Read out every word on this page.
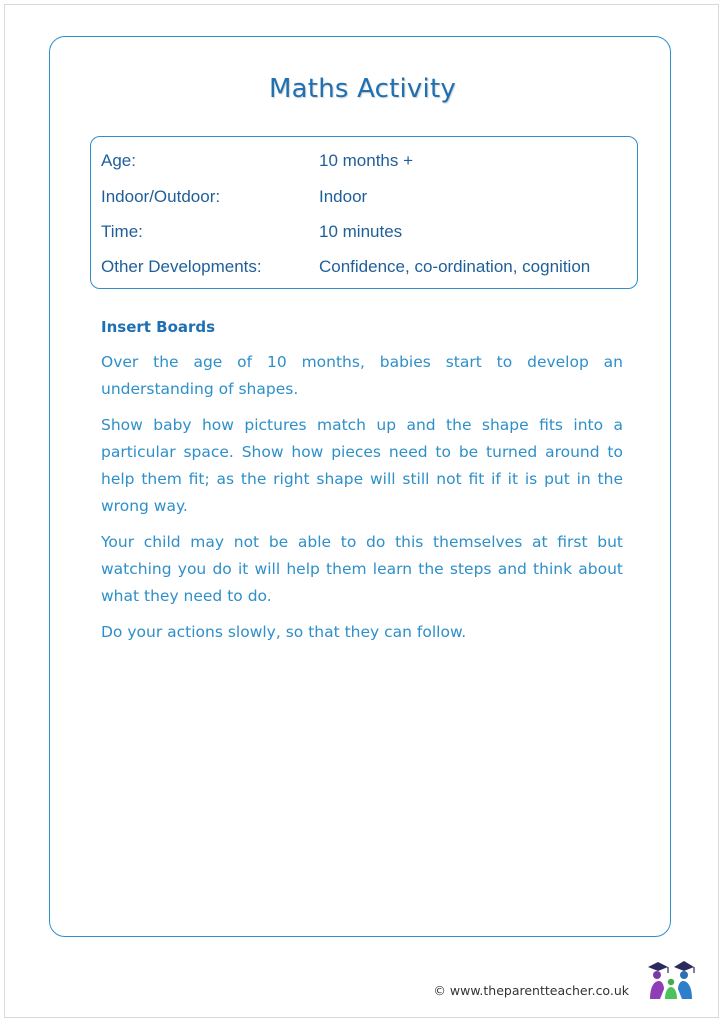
Maths Activity
Age:	10 months +
Indoor/Outdoor:	Indoor
Time:	10 minutes
Other Developments:	Confidence, co-ordination, cognition
Insert Boards

Over the age of 10 months, babies start to develop an understanding of shapes.

Show baby how pictures match up and the shape fits into a particular space. Show how pieces need to be turned around to help them fit; as the right shape will still not fit if it is put in the wrong way.

Your child may not be able to do this themselves at first but watching you do it will help them learn the steps and think about what they need to do.

Do your actions slowly, so that they can follow.

© www.theparentteacher.co.uk
